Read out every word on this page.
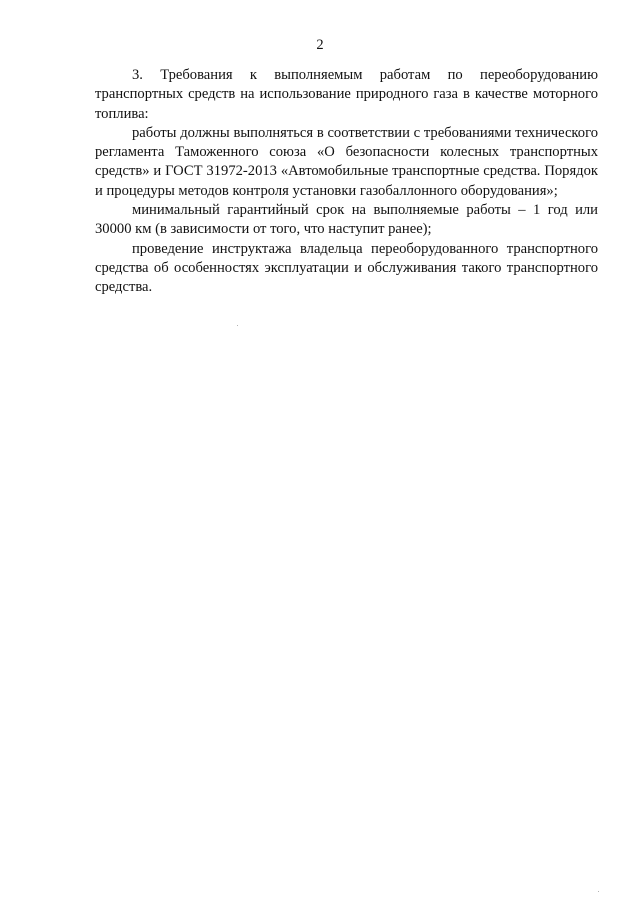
2

3. Требования к выполняемым работам по переоборудованию транспортных средств на использование природного газа в качестве моторного топлива:

работы должны выполняться в соответствии с требованиями технического регламента Таможенного союза «О безопасности колесных транспортных средств» и ГОСТ 31972-2013 «Автомобильные транспортные средства. Порядок и процедуры методов контроля установки газобаллонного оборудования»;

минимальный гарантийный срок на выполняемые работы – 1 год или 30000 км (в зависимости от того, что наступит ранее);

проведение инструктажа владельца переоборудованного транспортного средства об особенностях эксплуатации и обслуживания такого транспортного средства.
